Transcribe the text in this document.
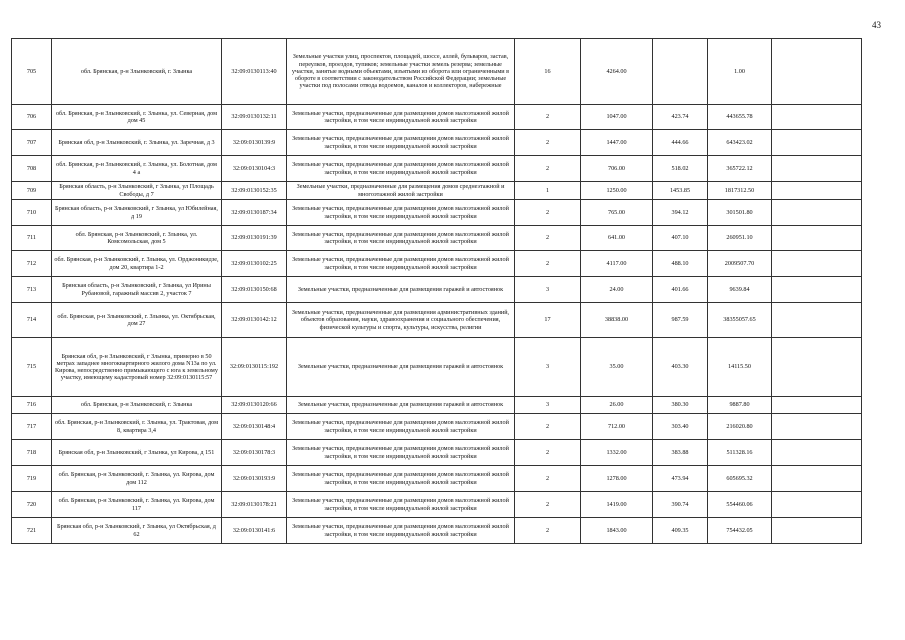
43
705	обл. Брянская, р-н Злынковский, г. Злынка	32:09:0130113:40	Земельные участки улиц, проспектов, площадей, шоссе, аллей, бульваров, застав, переулков, проездов, тупиков; земельные участки земель резерва; земельные участки, занятые водными объектами, изъятыми из оборота или ограниченными в обороте в соответствии с законодательством Российской Федерации; земельные участки под полосами отвода водоемов, каналов и коллекторов, набережные	16	4264.00		1.00	
706	обл. Брянская, р-н Злынковский, г. Злынка, ул. Северная, дом дом 45	32:09:0130132:11	Земельные участки, предназначенные для размещения домов малоэтажной жилой застройки, в том числе индивидуальной жилой застройки	2	1047.00	423.74	443655.78	
707	Брянская обл, р-н Злынковский, г. Злынка, ул. Заречная, д 3	32:09:0130139:9	Земельные участки, предназначенные для размещения домов малоэтажной жилой застройки, в том числе индивидуальной жилой застройки	2	1447.00	444.66	643423.02	
708	обл. Брянская, р-н Злынковский, г. Злынка, ул. Болотная, дом 4 а	32:09:0130104:3	Земельные участки, предназначенные для размещения домов малоэтажной жилой застройки, в том числе индивидуальной жилой застройки	2	706.00	518.02	365722.12	
709	Брянская область, р-н Злынковский, г Злынка, ул Площадь Свободы, д 7	32:09:0130152:35	Земельные участки, предназначенные для размещения домов среднеэтажной и многоэтажной жилой застройки	1	1250.00	1453.85	1817312.50	
710	Брянская область, р-н Злынковский, г Злынка, ул Юбилейная, д 19	32:09:0130187:34	Земельные участки, предназначенные для размещения домов малоэтажной жилой застройки, в том числе индивидуальной жилой застройки	2	765.00	394.12	301501.80	
711	обл. Брянская, р-н Злынковский, г. Злынка, ул. Комсомольская, дом 5	32:09:0130191:39	Земельные участки, предназначенные для размещения домов малоэтажной жилой застройки, в том числе индивидуальной жилой застройки	2	641.00	407.10	260951.10	
712	обл. Брянская, р-н Злынковский, г. Злынка, ул. Орджоникидзе, дом 20, квартира 1-2	32:09:0130102:25	Земельные участки, предназначенные для размещения домов малоэтажной жилой застройки, в том числе индивидуальной жилой застройки	2	4117.00	488.10	2009507.70	
713	Брянская область, р-н Злынковский, г Злынка, ул Ирины Рубановой, гаражный массив 2, участок 7	32:09:0130150:68	Земельные участки, предназначенные для размещения гаражей и автостоянок	3	24.00	401.66	9639.84	
714	обл. Брянская, р-н Злынковский, г. Злынка, ул. Октябрьская, дом 27	32:09:0130142:12	Земельные участки, предназначенные для размещения административных зданий, объектов образования, науки, здравоохранения и социального обеспечения, физической культуры и спорта, культуры, искусства, религии	17	38838.00	987.59	38355057.65	
715	Брянская обл, р-н Злынковский, г Злынка, примерно в 50 метрах западнее многоквартирного жилого дома N13а по ул. Кирова, непосредственно примыкающего с юга к земельному участку, имеющему кадастровый номер 32:09:0130115:57	32:09:0130115:192	Земельные участки, предназначенные для размещения гаражей и автостоянок	3	35.00	403.30	14115.50	
716	обл. Брянская, р-н Злынковский, г. Злынка	32:09:0130120:66	Земельные участки, предназначенные для размещения гаражей и автостоянок	3	26.00	380.30	9887.80	
717	обл. Брянская, р-н Злынковский, г. Злынка, ул. Трактовая, дом 8, квартира 3,4	32:09:0130148:4	Земельные участки, предназначенные для размещения домов малоэтажной жилой застройки, в том числе индивидуальной жилой застройки	2	712.00	303.40	216020.80	
718	Брянская обл, р-н Злынковский, г Злынка, ул Кирова, д 151	32:09:0130178:3	Земельные участки, предназначенные для размещения домов малоэтажной жилой застройки, в том числе индивидуальной жилой застройки	2	1332.00	383.88	511328.16	
719	обл. Брянская, р-н Злынковский, г. Злынка, ул. Кирова, дом дом 112	32:09:0130193:9	Земельные участки, предназначенные для размещения домов малоэтажной жилой застройки, в том числе индивидуальной жилой застройки	2	1278.00	473.94	605695.32	
720	обл. Брянская, р-н Злынковский, г. Злынка, ул. Кирова, дом 117	32:09:0130178:21	Земельные участки, предназначенные для размещения домов малоэтажной жилой застройки, в том числе индивидуальной жилой застройки	2	1419.00	390.74	554460.06	
721	Брянская обл, р-н Злынковский, г Злынка, ул Октябрьская, д 62	32:09:0130141:6	Земельные участки, предназначенные для размещения домов малоэтажной жилой застройки, в том числе индивидуальной жилой застройки	2	1843.00	409.35	754432.05	
